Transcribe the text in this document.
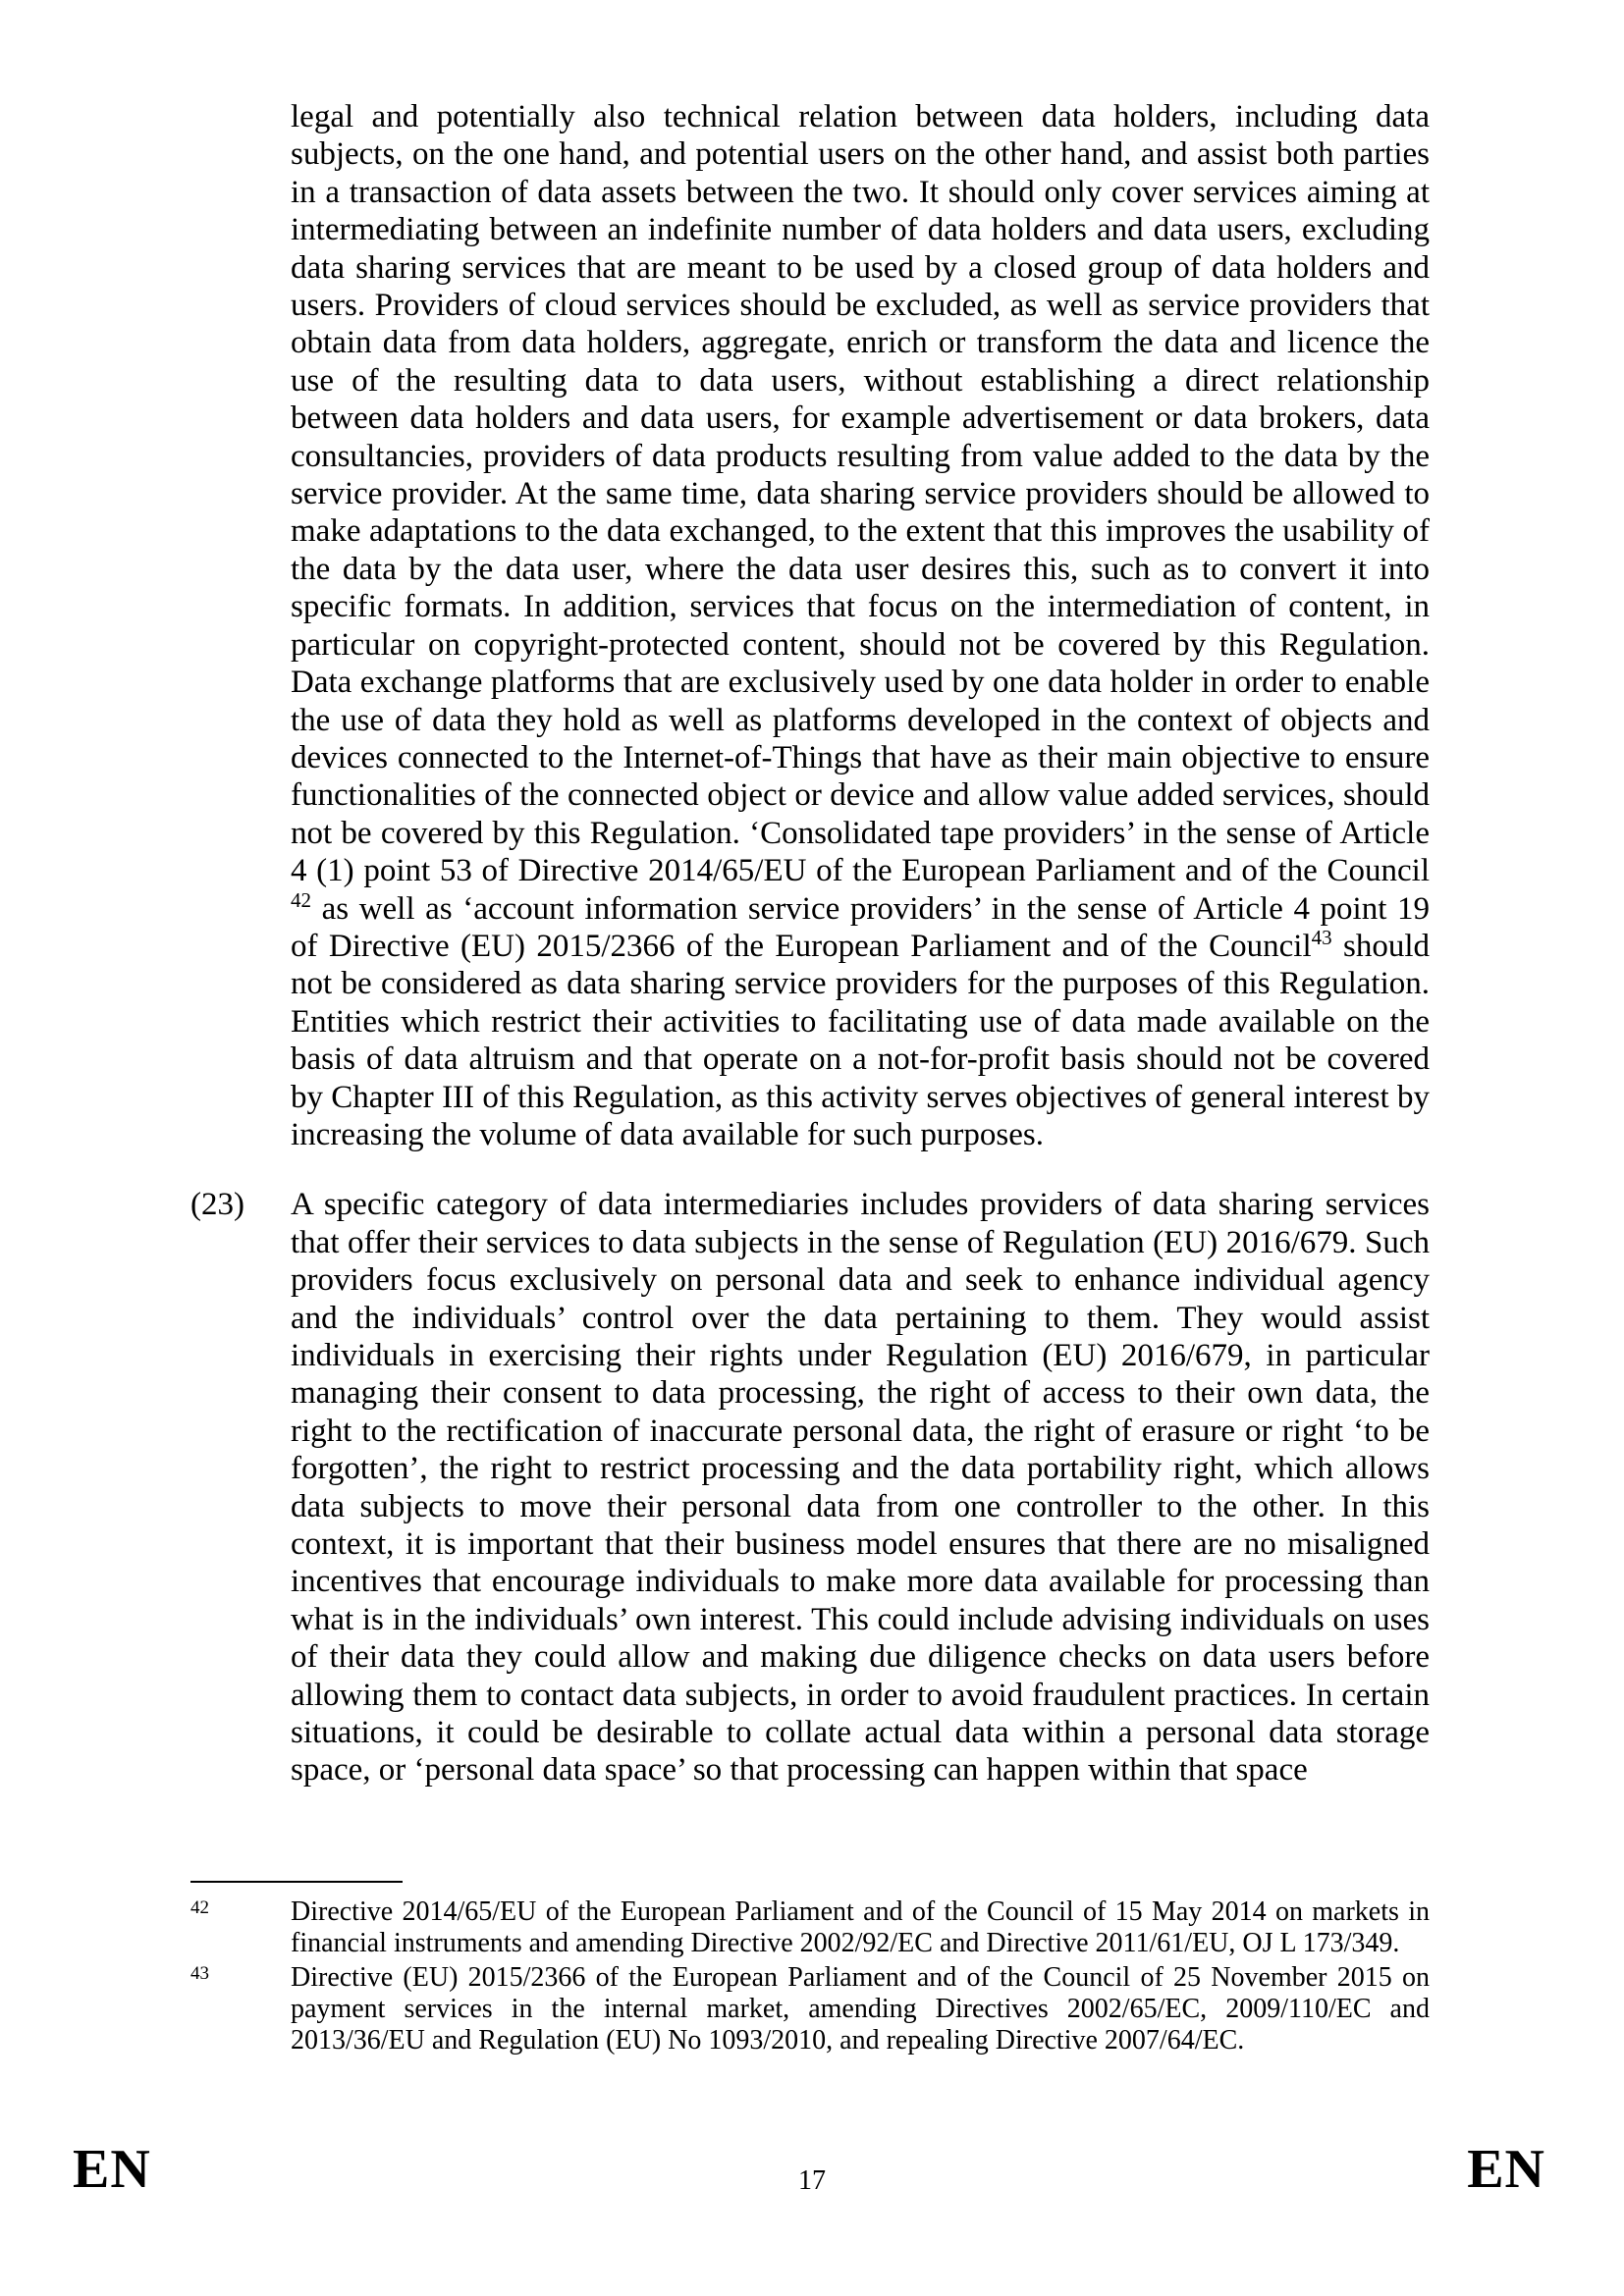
legal and potentially also technical relation between data holders, including data subjects, on the one hand, and potential users on the other hand, and assist both parties in a transaction of data assets between the two. It should only cover services aiming at intermediating between an indefinite number of data holders and data users, excluding data sharing services that are meant to be used by a closed group of data holders and users. Providers of cloud services should be excluded, as well as service providers that obtain data from data holders, aggregate, enrich or transform the data and licence the use of the resulting data to data users, without establishing a direct relationship between data holders and data users, for example advertisement or data brokers, data consultancies, providers of data products resulting from value added to the data by the service provider. At the same time, data sharing service providers should be allowed to make adaptations to the data exchanged, to the extent that this improves the usability of the data by the data user, where the data user desires this, such as to convert it into specific formats. In addition, services that focus on the intermediation of content, in particular on copyright-protected content, should not be covered by this Regulation. Data exchange platforms that are exclusively used by one data holder in order to enable the use of data they hold as well as platforms developed in the context of objects and devices connected to the Internet-of-Things that have as their main objective to ensure functionalities of the connected object or device and allow value added services, should not be covered by this Regulation. ‘Consolidated tape providers’ in the sense of Article 4 (1) point 53 of Directive 2014/65/EU of the European Parliament and of the Council $^{42}$ as well as ‘account information service providers’ in the sense of Article 4 point 19 of Directive (EU) 2015/2366 of the European Parliament and of the Council$^{43}$ should not be considered as data sharing service providers for the purposes of this Regulation. Entities which restrict their activities to facilitating use of data made available on the basis of data altruism and that operate on a not-for-profit basis should not be covered by Chapter III of this Regulation, as this activity serves objectives of general interest by increasing the volume of data available for such purposes.
(23)	A specific category of data intermediaries includes providers of data sharing services that offer their services to data subjects in the sense of Regulation (EU) 2016/679. Such providers focus exclusively on personal data and seek to enhance individual agency and the individuals’ control over the data pertaining to them. They would assist individuals in exercising their rights under Regulation (EU) 2016/679, in particular managing their consent to data processing, the right of access to their own data, the right to the rectification of inaccurate personal data, the right of erasure or right ‘to be forgotten’, the right to restrict processing and the data portability right, which allows data subjects to move their personal data from one controller to the other. In this context, it is important that their business model ensures that there are no misaligned incentives that encourage individuals to make more data available for processing than what is in the individuals’ own interest. This could include advising individuals on uses of their data they could allow and making due diligence checks on data users before allowing them to contact data subjects, in order to avoid fraudulent practices. In certain situations, it could be desirable to collate actual data within a personal data storage space, or ‘personal data space’ so that processing can happen within that space
42	Directive 2014/65/EU of the European Parliament and of the Council of 15 May 2014 on markets in financial instruments and amending Directive 2002/92/EC and Directive 2011/61/EU, OJ L 173/349.
43	Directive (EU) 2015/2366 of the European Parliament and of the Council of 25 November 2015 on payment services in the internal market, amending Directives 2002/65/EC, 2009/110/EC and 2013/36/EU and Regulation (EU) No 1093/2010, and repealing Directive 2007/64/EC.
EN	17	EN
